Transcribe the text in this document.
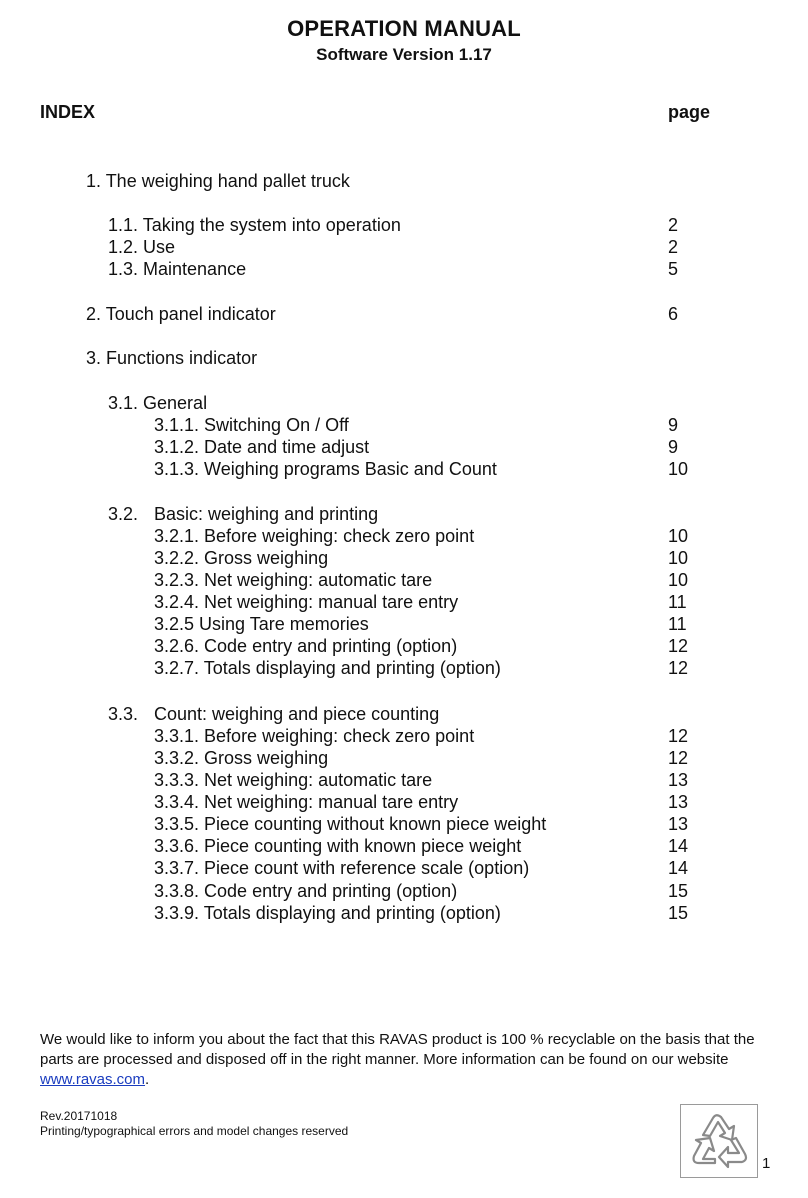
OPERATION MANUAL
Software Version 1.17
INDEX	page
1. The weighing hand pallet truck
1.1. Taking the system into operation	2
1.2. Use	2
1.3. Maintenance	5
2. Touch panel indicator	6
3. Functions indicator
3.1. General
3.1.1. Switching On / Off	9
3.1.2. Date and time adjust	9
3.1.3. Weighing programs Basic and Count	10
3.2. Basic: weighing and printing
3.2.1. Before weighing: check zero point	10
3.2.2. Gross weighing	10
3.2.3. Net weighing: automatic tare	10
3.2.4. Net weighing: manual tare entry	11
3.2.5 Using Tare memories	11
3.2.6. Code entry and printing (option)	12
3.2.7. Totals displaying and printing (option)	12
3.3. Count: weighing and piece counting
3.3.1. Before weighing: check zero point	12
3.3.2. Gross weighing	12
3.3.3. Net weighing: automatic tare	13
3.3.4. Net weighing: manual tare entry	13
3.3.5. Piece counting without known piece weight	13
3.3.6. Piece counting with known piece weight	14
3.3.7. Piece count with reference scale (option)	14
3.3.8. Code entry and printing (option)	15
3.3.9. Totals displaying and printing (option)	15
We would like to inform you about the fact that this RAVAS product is 100 % recyclable on the basis that the parts are processed and disposed off in the right manner. More information can be found on our website www.ravas.com.
Rev.20171018
Printing/typographical errors and model changes reserved
1
